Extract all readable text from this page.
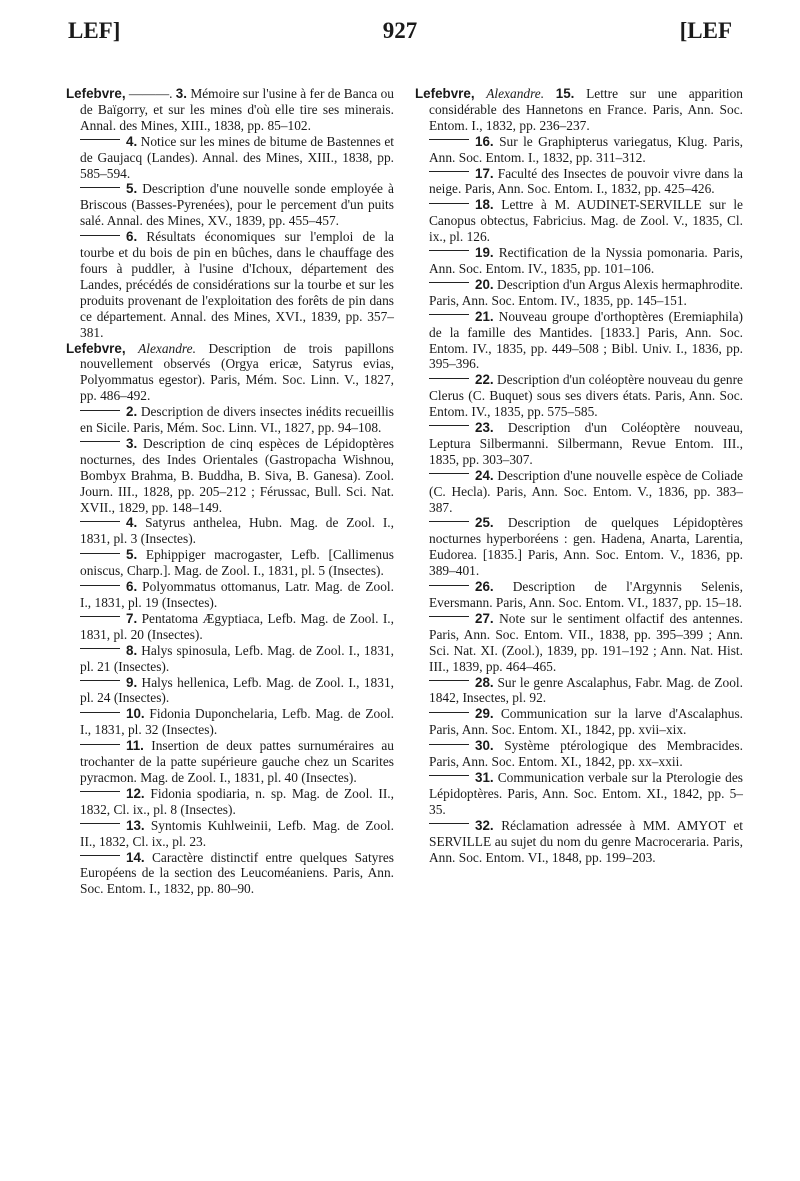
LEF]	927	[LEF

Lefebvre, ———. 3. Mémoire sur l'usine à fer de Banca ou de Baïgorry, et sur les mines d'où elle tire ses minerais. Annal. des Mines, XIII., 1838, pp. 85–102.

4. Notice sur les mines de bitume de Bastennes et de Gaujacq (Landes). Annal. des Mines, XIII., 1838, pp. 585–594.

5. Description d'une nouvelle sonde employée à Briscous (Basses-Pyrenées), pour le percement d'un puits salé. Annal. des Mines, XV., 1839, pp. 455–457.

6. Résultats économiques sur l'emploi de la tourbe et du bois de pin en bûches, dans le chauffage des fours à puddler, à l'usine d'Ichoux, département des Landes, précédés de considérations sur la tourbe et sur les produits provenant de l'exploitation des forêts de pin dans ce département. Annal. des Mines, XVI., 1839, pp. 357–381.

Lefebvre, Alexandre. Description de trois papillons nouvellement observés (Orgya ericæ, Satyrus evias, Polyommatus egestor). Paris, Mém. Soc. Linn. V., 1827, pp. 486–492.

2. Description de divers insectes inédits recueillis en Sicile. Paris, Mém. Soc. Linn. VI., 1827, pp. 94–108.

3. Description de cinq espèces de Lépidoptères nocturnes, des Indes Orientales (Gastropacha Wishnou, Bombyx Brahma, B. Buddha, B. Siva, B. Ganesa). Zool. Journ. III., 1828, pp. 205–212 ; Férussac, Bull. Sci. Nat. XVII., 1829, pp. 148–149.

4. Satyrus anthelea, Hubn. Mag. de Zool. I., 1831, pl. 3 (Insectes).

5. Ephippiger macrogaster, Lefb. [Callimenus oniscus, Charp.]. Mag. de Zool. I., 1831, pl. 5 (Insectes).

6. Polyommatus ottomanus, Latr. Mag. de Zool. I., 1831, pl. 19 (Insectes).

7. Pentatoma Ægyptiaca, Lefb. Mag. de Zool. I., 1831, pl. 20 (Insectes).

8. Halys spinosula, Lefb. Mag. de Zool. I., 1831, pl. 21 (Insectes).

9. Halys hellenica, Lefb. Mag. de Zool. I., 1831, pl. 24 (Insectes).

10. Fidonia Duponchelaria, Lefb. Mag. de Zool. I., 1831, pl. 32 (Insectes).

11. Insertion de deux pattes surnuméraires au trochanter de la patte supérieure gauche chez un Scarites pyracmon. Mag. de Zool. I., 1831, pl. 40 (Insectes).

12. Fidonia spodiaria, n. sp. Mag. de Zool. II., 1832, Cl. ix., pl. 8 (Insectes).

13. Syntomis Kuhlweinii, Lefb. Mag. de Zool. II., 1832, Cl. ix., pl. 23.

14. Caractère distinctif entre quelques Satyres Européens de la section des Leucoméaniens. Paris, Ann. Soc. Entom. I., 1832, pp. 80–90.

Lefebvre, Alexandre. 15. Lettre sur une apparition considérable des Hannetons en France. Paris, Ann. Soc. Entom. I., 1832, pp. 236–237.

16. Sur le Graphipterus variegatus, Klug. Paris, Ann. Soc. Entom. I., 1832, pp. 311–312.

17. Faculté des Insectes de pouvoir vivre dans la neige. Paris, Ann. Soc. Entom. I., 1832, pp. 425–426.

18. Lettre à M. AUDINET-SERVILLE sur le Canopus obtectus, Fabricius. Mag. de Zool. V., 1835, Cl. ix., pl. 126.

19. Rectification de la Nyssia pomonaria. Paris, Ann. Soc. Entom. IV., 1835, pp. 101–106.

20. Description d'un Argus Alexis hermaphrodite. Paris, Ann. Soc. Entom. IV., 1835, pp. 145–151.

21. Nouveau groupe d'orthoptères (Eremiaphila) de la famille des Mantides. [1833.] Paris, Ann. Soc. Entom. IV., 1835, pp. 449–508 ; Bibl. Univ. I., 1836, pp. 395–396.

22. Description d'un coléoptère nouveau du genre Clerus (C. Buquet) sous ses divers états. Paris, Ann. Soc. Entom. IV., 1835, pp. 575–585.

23. Description d'un Coléoptère nouveau, Leptura Silbermanni. Silbermann, Revue Entom. III., 1835, pp. 303–307.

24. Description d'une nouvelle espèce de Coliade (C. Hecla). Paris, Ann. Soc. Entom. V., 1836, pp. 383–387.

25. Description de quelques Lépidoptères nocturnes hyperboréens : gen. Hadena, Anarta, Larentia, Eudorea. [1835.] Paris, Ann. Soc. Entom. V., 1836, pp. 389–401.

26. Description de l'Argynnis Selenis, Eversmann. Paris, Ann. Soc. Entom. VI., 1837, pp. 15–18.

27. Note sur le sentiment olfactif des antennes. Paris, Ann. Soc. Entom. VII., 1838, pp. 395–399 ; Ann. Sci. Nat. XI. (Zool.), 1839, pp. 191–192 ; Ann. Nat. Hist. III., 1839, pp. 464–465.

28. Sur le genre Ascalaphus, Fabr. Mag. de Zool. 1842, Insectes, pl. 92.

29. Communication sur la larve d'Ascalaphus. Paris, Ann. Soc. Entom. XI., 1842, pp. xvii–xix.

30. Système ptérologique des Membracides. Paris, Ann. Soc. Entom. XI., 1842, pp. xx–xxii.

31. Communication verbale sur la Pterologie des Lépidoptères. Paris, Ann. Soc. Entom. XI., 1842, pp. 5–35.

32. Réclamation adressée à MM. AMYOT et SERVILLE au sujet du nom du genre Macroceraria. Paris, Ann. Soc. Entom. VI., 1848, pp. 199–203.
